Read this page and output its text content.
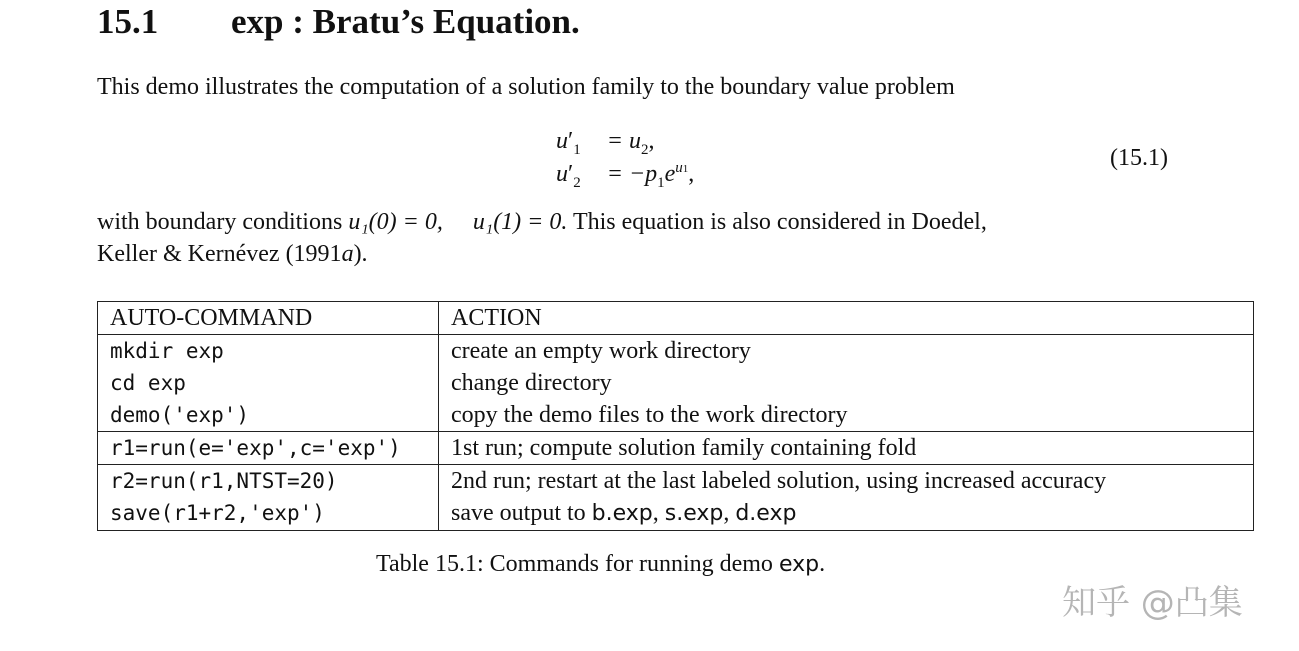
15.1 exp : Bratu’s Equation.
This demo illustrates the computation of a solution family to the boundary value problem
$u'_1 = u_2$,
$u'_2 = -p_1e^{u1}$,
(15.1)
with boundary conditions u₁(0) = 0, u₁(1) = 0. This equation is also considered in Doedel,
Keller & Kernévez (1991a).
AUTO-COMMAND	ACTION
mkdir exp	create an empty work directory
cd exp	change directory
demo('exp')	copy the demo files to the work directory
r1=run(e='exp',c='exp')	1st run; compute solution family containing fold
r2=run(r1,NTST=20)	2nd run; restart at the last labeled solution, using increased accuracy
save(r1+r2,'exp')	save output to b.exp, s.exp, d.exp
Table 15.1: Commands for running demo exp.
知乎 @凸集
